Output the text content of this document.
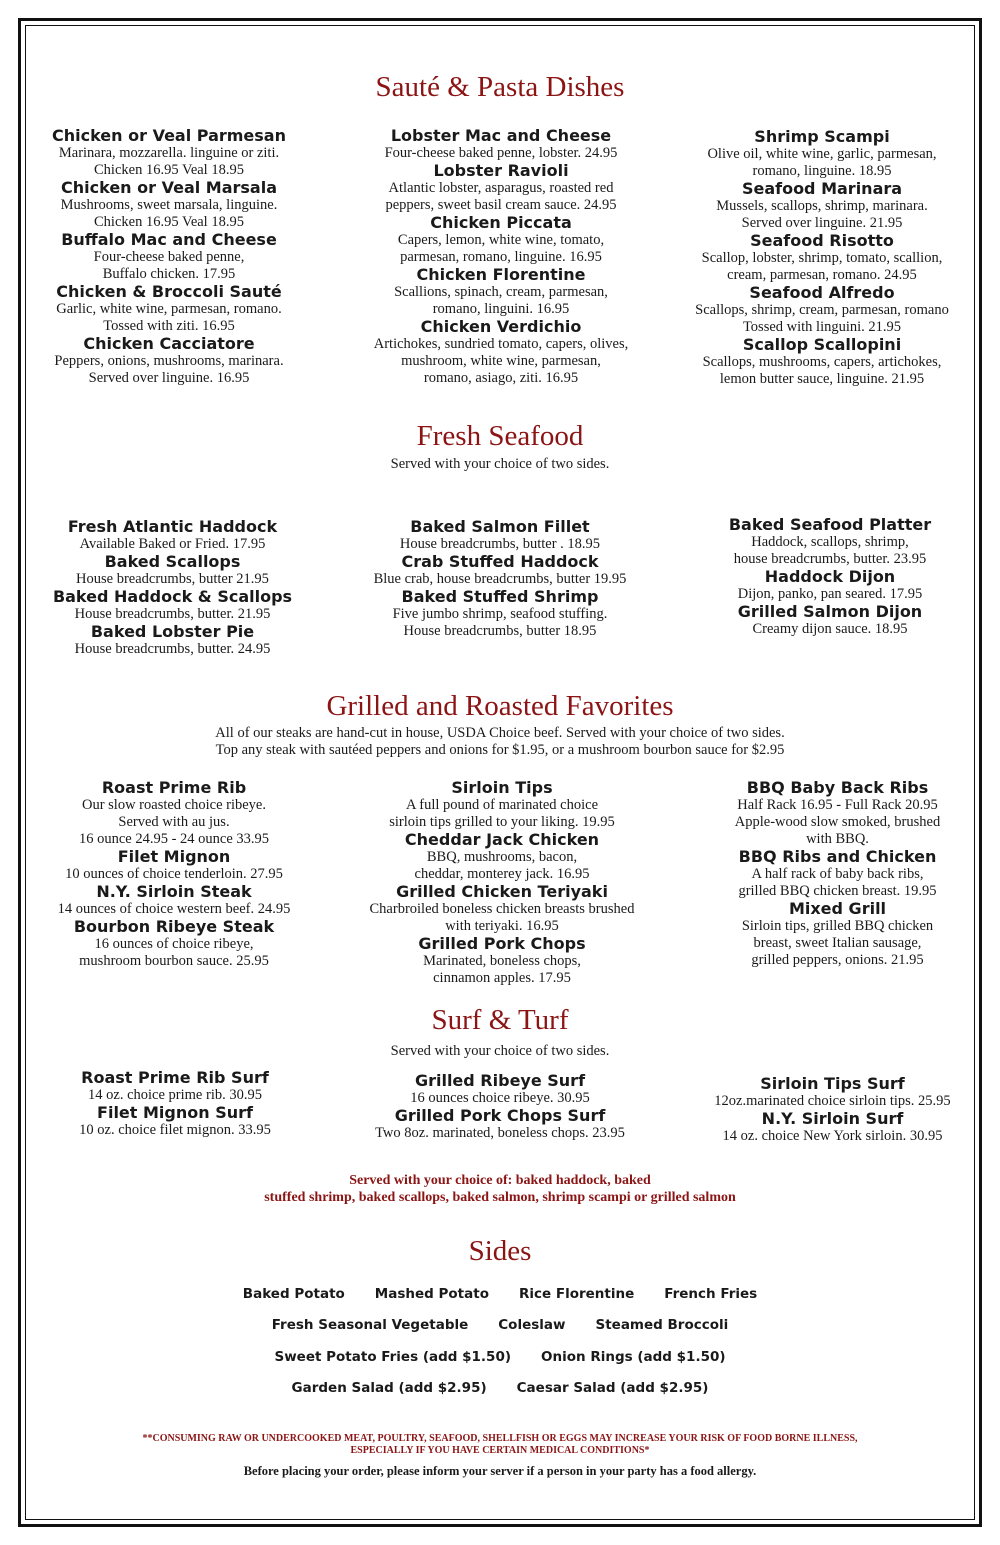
Sauté & Pasta Dishes
Chicken or Veal Parmesan
Marinara, mozzarella. linguine or ziti.
Chicken 16.95 Veal 18.95
Chicken or Veal Marsala
Mushrooms, sweet marsala, linguine.
Chicken 16.95 Veal 18.95
Buffalo Mac and Cheese
Four-cheese baked penne,
Buffalo chicken. 17.95
Chicken & Broccoli Sauté
Garlic, white wine, parmesan, romano.
Tossed with ziti. 16.95
Chicken Cacciatore
Peppers, onions, mushrooms, marinara.
Served over linguine. 16.95
Lobster Mac and Cheese
Four-cheese baked penne, lobster. 24.95
Lobster Ravioli
Atlantic lobster, asparagus, roasted red
peppers, sweet basil cream sauce. 24.95
Chicken Piccata
Capers, lemon, white wine, tomato,
parmesan, romano, linguine. 16.95
Chicken Florentine
Scallions, spinach, cream, parmesan,
romano, linguini. 16.95
Chicken Verdichio
Artichokes, sundried tomato, capers, olives,
mushroom, white wine, parmesan,
romano, asiago, ziti. 16.95
Shrimp Scampi
Olive oil, white wine, garlic, parmesan,
romano, linguine. 18.95
Seafood Marinara
Mussels, scallops, shrimp, marinara.
Served over linguine. 21.95
Seafood Risotto
Scallop, lobster, shrimp, tomato, scallion,
cream, parmesan, romano. 24.95
Seafood Alfredo
Scallops, shrimp, cream, parmesan, romano
Tossed with linguini. 21.95
Scallop Scallopini
Scallops, mushrooms, capers, artichokes,
lemon butter sauce, linguine. 21.95
Fresh Seafood
Served with your choice of two sides.
Fresh Atlantic Haddock
Available Baked or Fried. 17.95
Baked Scallops
House breadcrumbs, butter 21.95
Baked Haddock & Scallops
House breadcrumbs, butter. 21.95
Baked Lobster Pie
House breadcrumbs, butter. 24.95
Baked Salmon Fillet
House breadcrumbs, butter . 18.95
Crab Stuffed Haddock
Blue crab, house breadcrumbs, butter 19.95
Baked Stuffed Shrimp
Five jumbo shrimp, seafood stuffing.
House breadcrumbs, butter 18.95
Baked Seafood Platter
Haddock, scallops, shrimp,
house breadcrumbs, butter. 23.95
Haddock Dijon
Dijon, panko, pan seared. 17.95
Grilled Salmon Dijon
Creamy dijon sauce. 18.95
Grilled and Roasted Favorites
All of our steaks are hand-cut in house, USDA Choice beef. Served with your choice of two sides.
Top any steak with sautéed peppers and onions for $1.95, or a mushroom bourbon sauce for $2.95
Roast Prime Rib
Our slow roasted choice ribeye.
Served with au jus.
16 ounce 24.95 - 24 ounce 33.95
Filet Mignon
10 ounces of choice tenderloin. 27.95
N.Y. Sirloin Steak
14 ounces of choice western beef. 24.95
Bourbon Ribeye Steak
16 ounces of choice ribeye,
mushroom bourbon sauce. 25.95
Sirloin Tips
A full pound of marinated choice
sirloin tips grilled to your liking. 19.95
Cheddar Jack Chicken
BBQ, mushrooms, bacon,
cheddar, monterey jack. 16.95
Grilled Chicken Teriyaki
Charbroiled boneless chicken breasts brushed
with teriyaki. 16.95
Grilled Pork Chops
Marinated, boneless chops,
cinnamon apples. 17.95
BBQ Baby Back Ribs
Half Rack 16.95 - Full Rack 20.95
Apple-wood slow smoked, brushed
with BBQ.
BBQ Ribs and Chicken
A half rack of baby back ribs,
grilled BBQ chicken breast. 19.95
Mixed Grill
Sirloin tips, grilled BBQ chicken
breast, sweet Italian sausage,
grilled peppers, onions. 21.95
Surf & Turf
Served with your choice of two sides.
Roast Prime Rib Surf
14 oz. choice prime rib. 30.95
Filet Mignon Surf
10 oz. choice filet mignon. 33.95
Grilled Ribeye Surf
16 ounces choice ribeye. 30.95
Grilled Pork Chops Surf
Two 8oz. marinated, boneless chops. 23.95
Sirloin Tips Surf
12oz.marinated choice sirloin tips. 25.95
N.Y. Sirloin Surf
14 oz. choice New York sirloin. 30.95
Served with your choice of: baked haddock, baked
stuffed shrimp, baked scallops, baked salmon, shrimp scampi or grilled salmon
Sides
Baked Potato Mashed Potato Rice Florentine French Fries
Fresh Seasonal Vegetable Coleslaw Steamed Broccoli
Sweet Potato Fries (add $1.50) Onion Rings (add $1.50)
Garden Salad (add $2.95) Caesar Salad (add $2.95)
**CONSUMING RAW OR UNDERCOOKED MEAT, POULTRY, SEAFOOD, SHELLFISH OR EGGS MAY INCREASE YOUR RISK OF FOOD BORNE ILLNESS,
ESPECIALLY IF YOU HAVE CERTAIN MEDICAL CONDITIONS*
Before placing your order, please inform your server if a person in your party has a food allergy.
